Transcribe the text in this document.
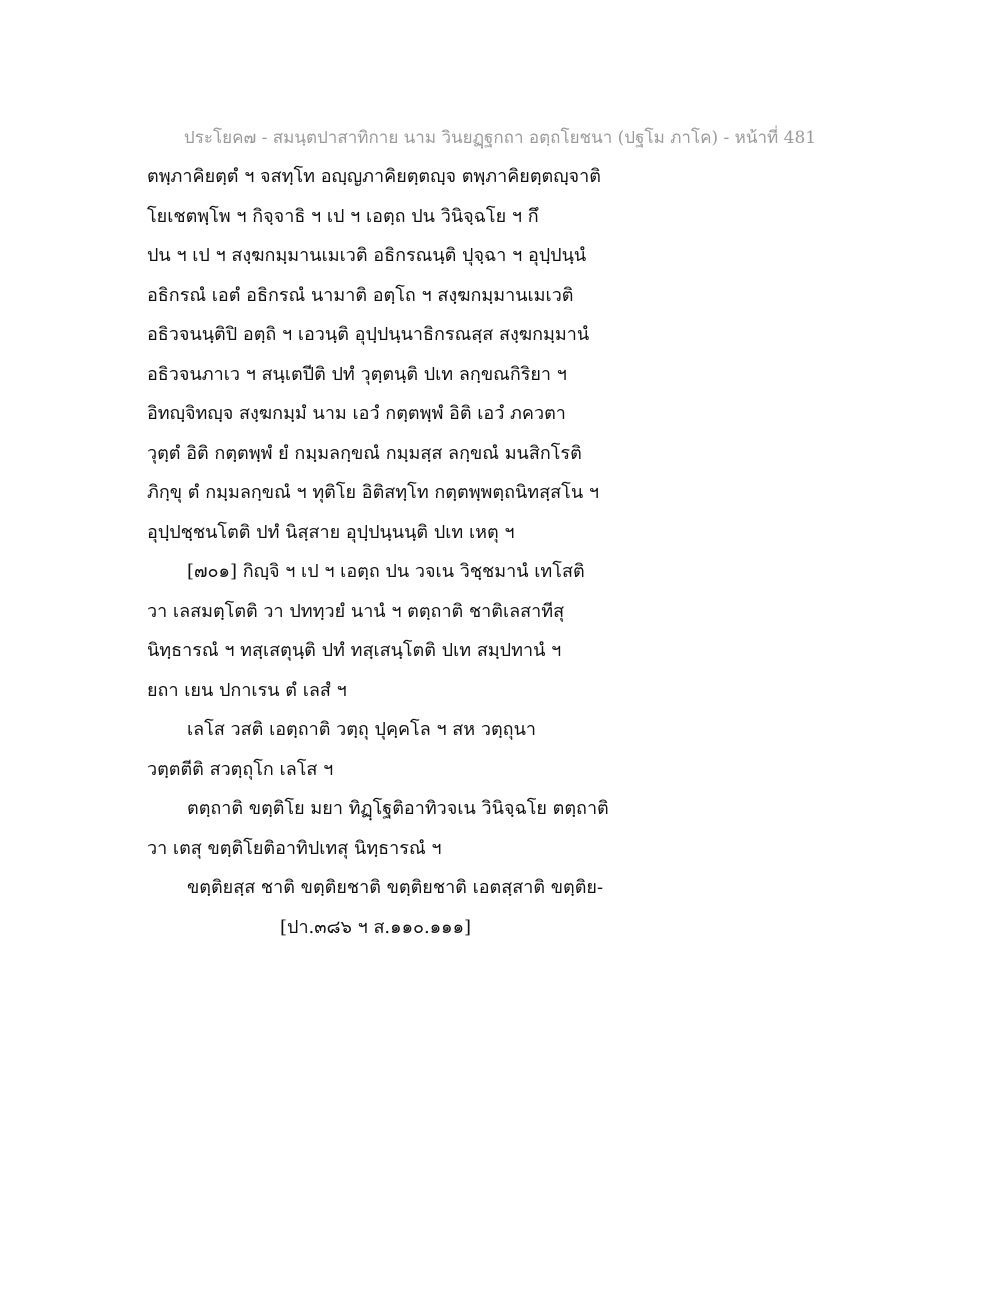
ประโยค๗ - สมนฺตปาสาทิกาย นาม วินยฏฺฐกถา อตฺถโยชนา (ปฐโม ภาโค) - หน้าที่ 481
ตพฺภาคิยตฺตํ ฯ จสทฺโท อญฺญภาคิยตฺตญฺจ ตพฺภาคิยตฺตญฺจาติ
โยเชตพฺโพ ฯ กิจฺจาธิ ฯ เป ฯ เอตฺถ ปน วินิจฺฉโย ฯ กึ
ปน ฯ เป ฯ สงฺฆกมฺมานเมเวติ อธิกรณนฺติ ปุจฺฉา ฯ อุปฺปนฺนํ
อธิกรณํ เอตํ อธิกรณํ นามาติ อตฺโถ ฯ สงฺฆกมฺมานเมเวติ
อธิวจนนฺติปิ อตฺถิ ฯ เอวนฺติ อุปฺปนฺนาธิกรณสฺส สงฺฆกมฺมานํ
อธิวจนภาเว ฯ สนฺเตปีติ ปทํ วุตฺตนฺติ ปเท ลกฺขณกิริยา ฯ
อิทญฺจิทญฺจ สงฺฆกมฺมํ นาม เอวํ กตฺตพฺพํ อิติ เอวํ ภควตา
วุตฺตํ อิติ กตฺตพฺพํ ยํ กมฺมลกฺขณํ กมฺมสฺส ลกฺขณํ มนสิกโรติ
ภิกฺขุ ตํ กมฺมลกฺขณํ ฯ ทุติโย อิติสทฺโท กตฺตพฺพตฺถนิทสฺสโน ฯ
อุปฺปชฺชนโตติ ปทํ นิสฺสาย อุปฺปนฺนนฺติ ปเท เหตุ ฯ
[๗๐๑] กิญฺจิ ฯ เป ฯ เอตฺถ ปน วจเน วิชฺชมานํ เทโสติ
วา เลสมตฺโตติ วา ปททฺวยํ นานํ ฯ ตตฺถาติ ชาติเลสาทีสุ
นิทฺธารณํ ฯ ทสฺเสตุนฺติ ปทํ ทสฺเสนฺโตติ ปเท สมฺปทานํ ฯ
ยถา เยน ปกาเรน ตํ เลสํ ฯ
เลโส วสติ เอตฺถาติ วตฺถุ ปุคฺคโล ฯ สห วตฺถุนา
วตฺตตีติ สวตฺถุโก เลโส ฯ
ตตฺถาติ ขตฺติโย มยา ทิฏฺโฐติอาทิวจเน วินิจฺฉโย ตตฺถาติ
วา เตสุ ขตฺติโยติอาทิปเทสุ นิทฺธารณํ ฯ
ขตฺติยสฺส ชาติ ขตฺติยชาติ ขตฺติยชาติ เอตสฺสาติ ขตฺติย-
[ปา.๓๘๖ ฯ ส.๑๑๐.๑๑๑]
